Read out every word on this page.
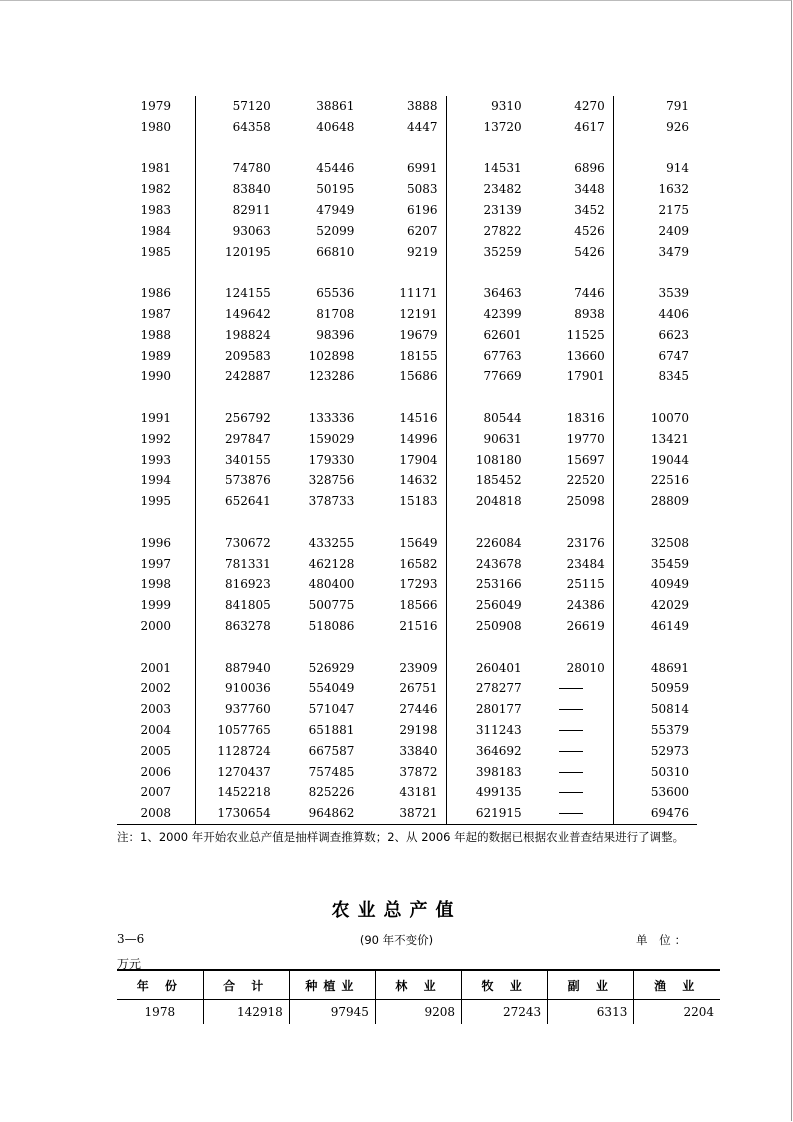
1979	57120	38861	3888	9310	4270	791
1980	64358	40648	4447	13720	4617	926

1981	74780	45446	6991	14531	6896	914
1982	83840	50195	5083	23482	3448	1632
1983	82911	47949	6196	23139	3452	2175
1984	93063	52099	6207	27822	4526	2409
1985	120195	66810	9219	35259	5426	3479

1986	124155	65536	11171	36463	7446	3539
1987	149642	81708	12191	42399	8938	4406
1988	198824	98396	19679	62601	11525	6623
1989	209583	102898	18155	67763	13660	6747
1990	242887	123286	15686	77669	17901	8345

1991	256792	133336	14516	80544	18316	10070
1992	297847	159029	14996	90631	19770	13421
1993	340155	179330	17904	108180	15697	19044
1994	573876	328756	14632	185452	22520	22516
1995	652641	378733	15183	204818	25098	28809

1996	730672	433255	15649	226084	23176	32508
1997	781331	462128	16582	243678	23484	35459
1998	816923	480400	17293	253166	25115	40949
1999	841805	500775	18566	256049	24386	42029
2000	863278	518086	21516	250908	26619	46149

2001	887940	526929	23909	260401	28010	48691
2002	910036	554049	26751	278277		50959
2003	937760	571047	27446	280177		50814
2004	1057765	651881	29198	311243		55379
2005	1128724	667587	33840	364692		52973
2006	1270437	757485	37872	398183		50310
2007	1452218	825226	43181	499135		53600
2008	1730654	964862	38721	621915		69476
注：1、2000 年开始农业总产值是抽样调查推算数；2、从 2006 年起的数据已根据农业普查结果进行了调整。
农业总产值
3—6	(90 年不变价)	单 位：
万元
年 份	合 计	种植业	林 业	牧 业	副 业	渔 业
1978	142918	97945	9208	27243	6313	2204
